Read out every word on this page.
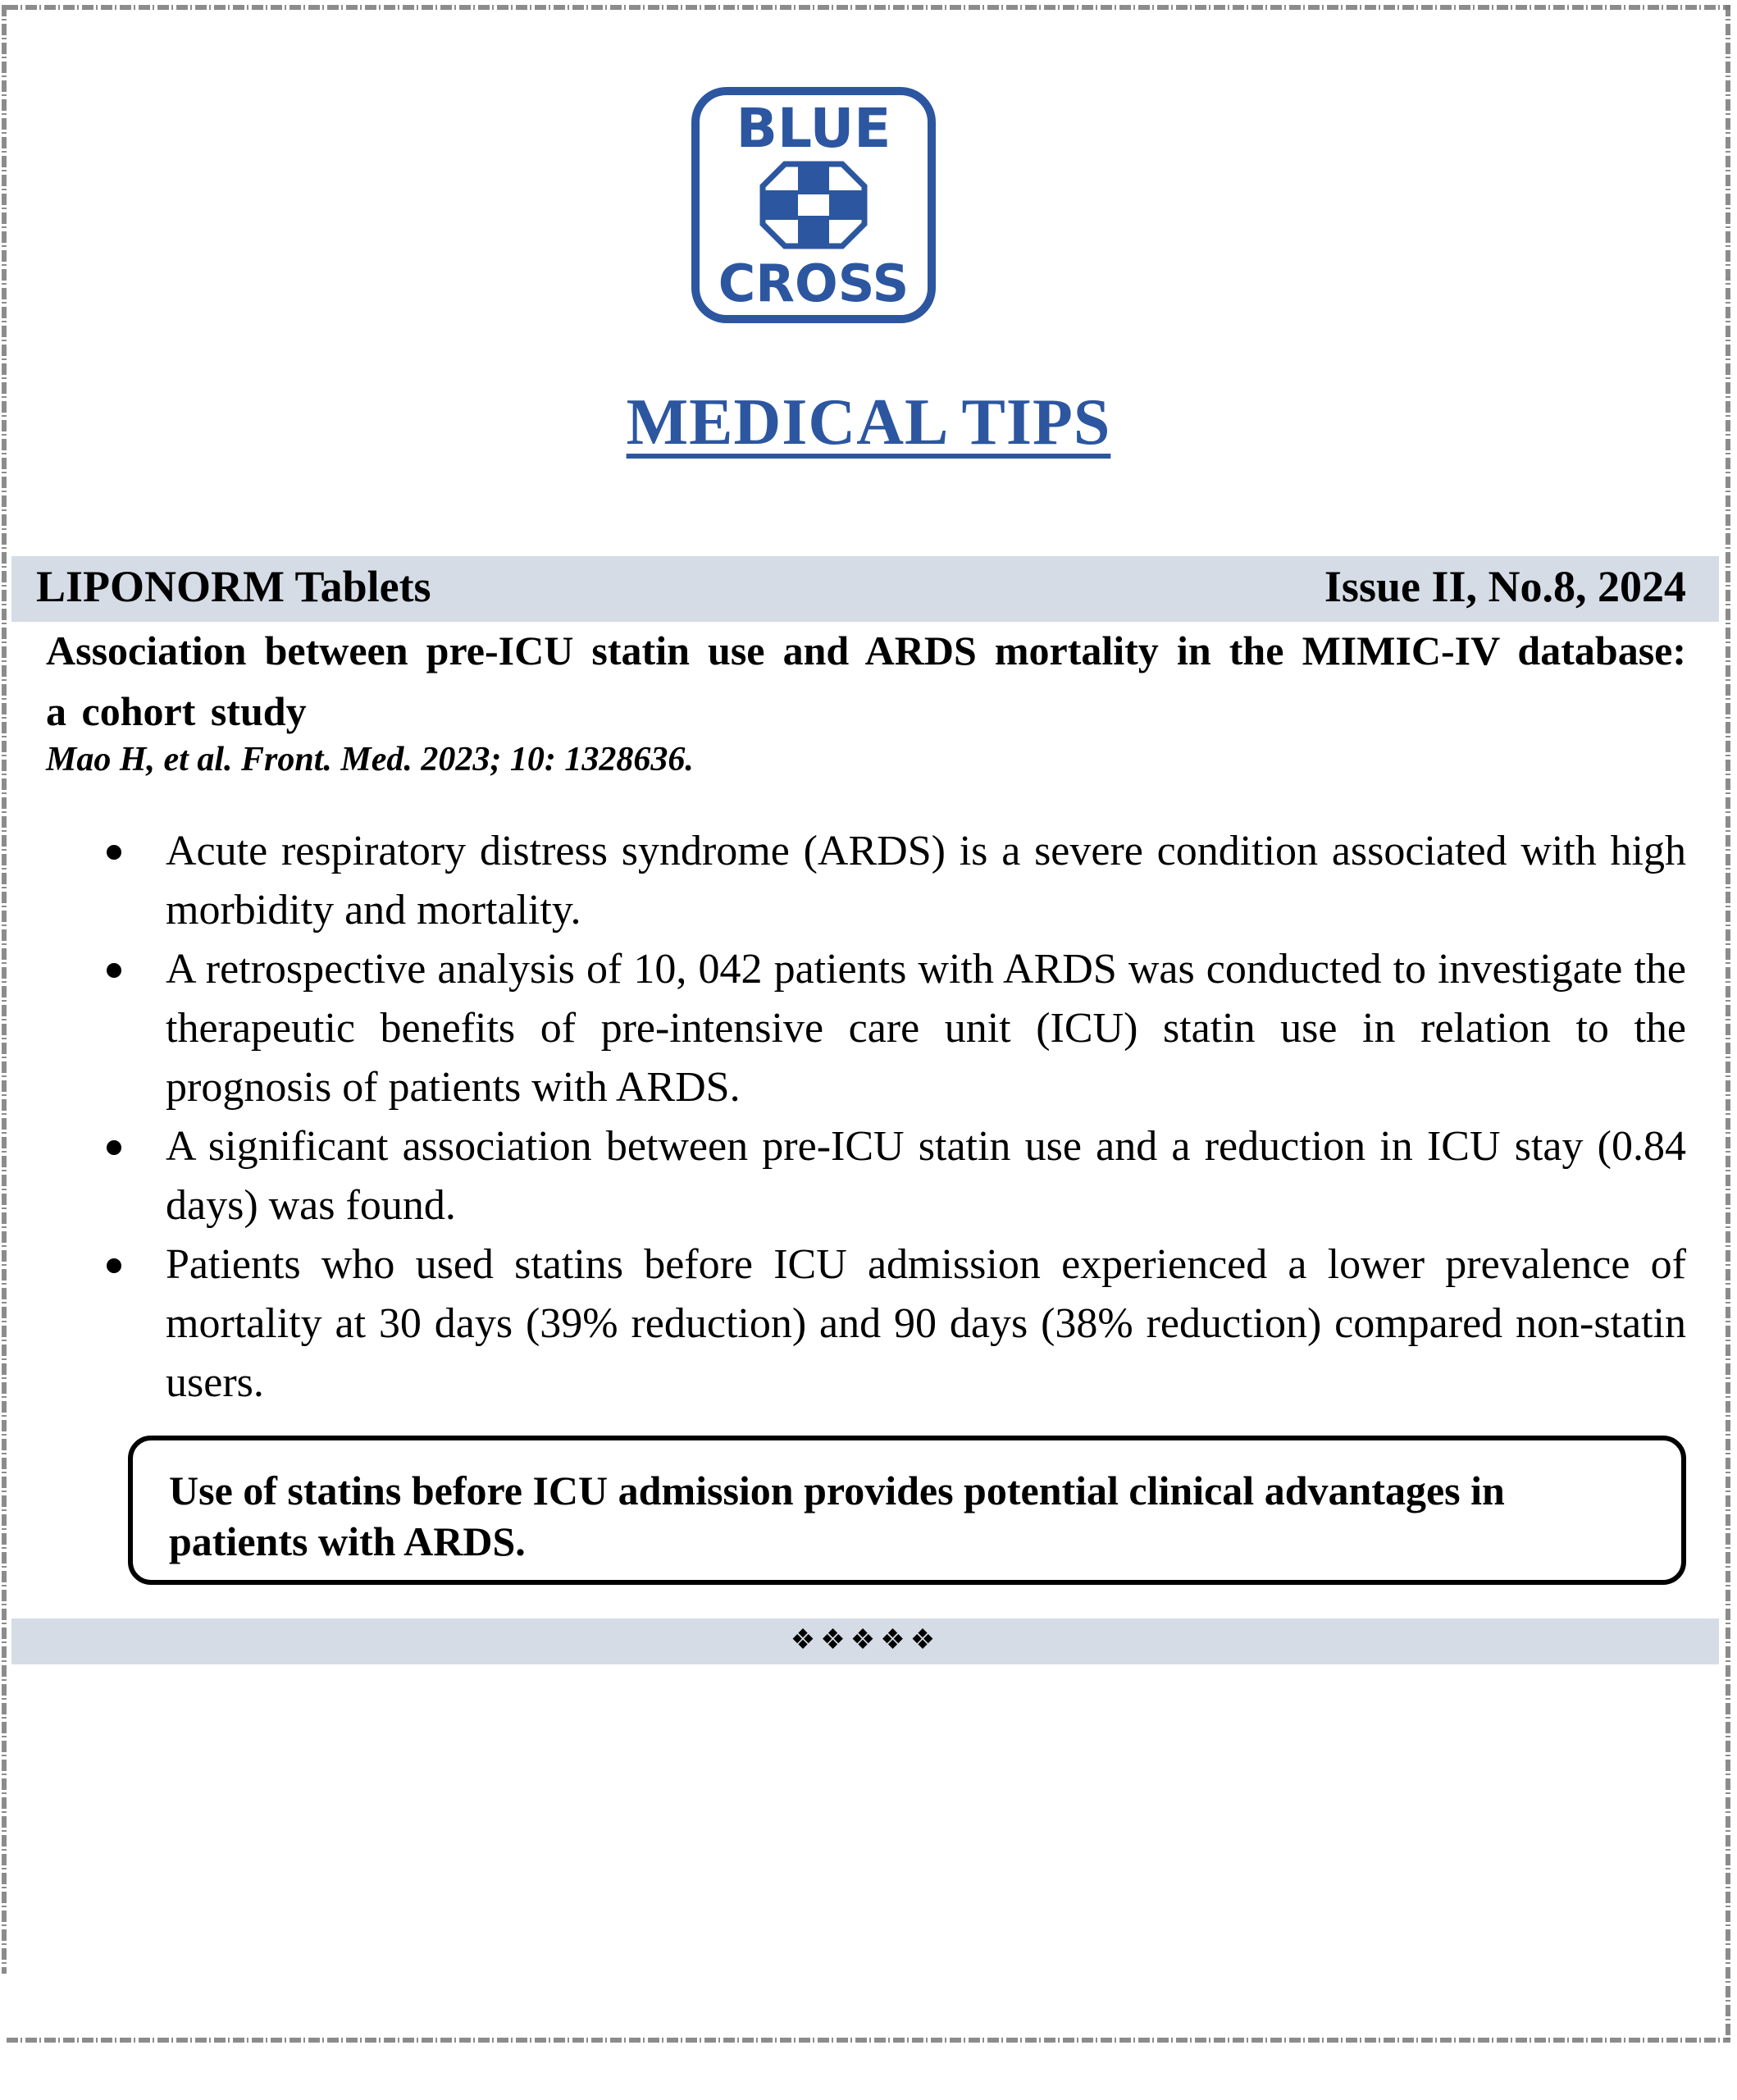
BLUE
CROSS
MEDICAL TIPS
LIPONORM Tablets	Issue II, No.8, 2024
Association between pre-ICU statin use and ARDS mortality in the MIMIC-IV database: a cohort study
Mao H, et al. Front. Med. 2023; 10: 1328636.
Acute respiratory distress syndrome (ARDS) is a severe condition associated with high morbidity and mortality.
A retrospective analysis of 10, 042 patients with ARDS was conducted to investigate the therapeutic benefits of pre-intensive care unit (ICU) statin use in relation to the prognosis of patients with ARDS.
A significant association between pre-ICU statin use and a reduction in ICU stay (0.84 days) was found.
Patients who used statins before ICU admission experienced a lower prevalence of mortality at 30 days (39% reduction) and 90 days (38% reduction) compared non-statin users.
Use of statins before ICU admission provides potential clinical advantages in patients with ARDS.
❖❖❖❖❖
